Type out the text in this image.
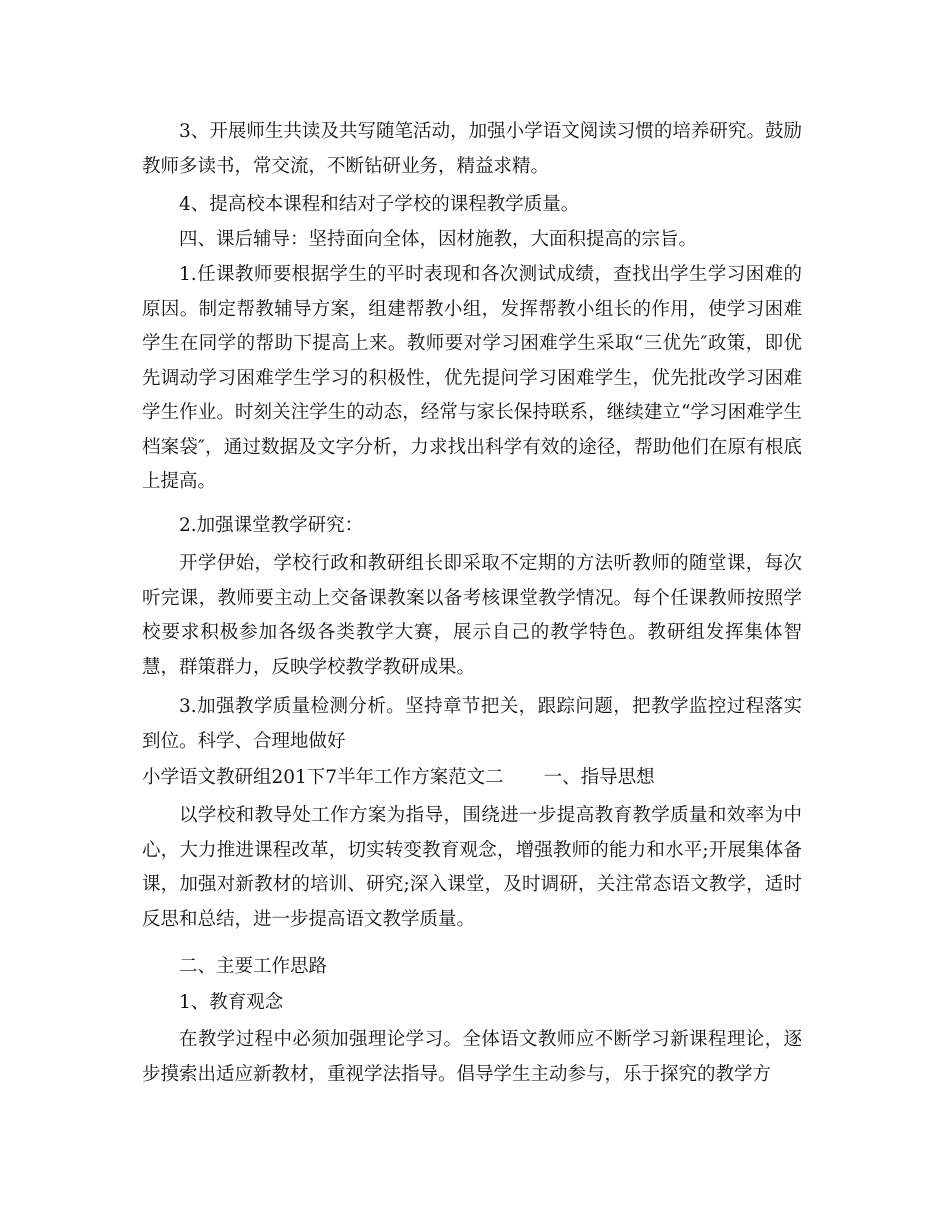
3、开展师生共读及共写随笔活动，加强小学语文阅读习惯的培养研究。鼓励教师多读书，常交流，不断钻研业务，精益求精。

4、提高校本课程和结对子学校的课程教学质量。

四、课后辅导：坚持面向全体，因材施教，大面积提高的宗旨。

1.任课教师要根据学生的平时表现和各次测试成绩，查找出学生学习困难的原因。制定帮教辅导方案，组建帮教小组，发挥帮教小组长的作用，使学习困难学生在同学的帮助下提高上来。教师要对学习困难学生采取“三优先″政策，即优先调动学习困难学生学习的积极性，优先提问学习困难学生，优先批改学习困难学生作业。时刻关注学生的动态，经常与家长保持联系，继续建立“学习困难学生档案袋″，通过数据及文字分析，力求找出科学有效的途径，帮助他们在原有根底上提高。

2.加强课堂教学研究：

开学伊始，学校行政和教研组长即采取不定期的方法听教师的随堂课，每次听完课，教师要主动上交备课教案以备考核课堂教学情况。每个任课教师按照学校要求积极参加各级各类教学大赛，展示自己的教学特色。教研组发挥集体智慧，群策群力，反映学校教学教研成果。

3.加强教学质量检测分析。坚持章节把关，跟踪问题，把教学监控过程落实到位。科学、合理地做好

小学语文教研组201下7半年工作方案范文二 一、指导思想

以学校和教导处工作方案为指导，围绕进一步提高教育教学质量和效率为中心，大力推进课程改革，切实转变教育观念，增强教师的能力和水平;开展集体备课，加强对新教材的培训、研究;深入课堂，及时调研，关注常态语文教学，适时反思和总结，进一步提高语文教学质量。

二、主要工作思路

1、教育观念

在教学过程中必须加强理论学习。全体语文教师应不断学习新课程理论，逐步摸索出适应新教材，重视学法指导。倡导学生主动参与，乐于探究的教学方
